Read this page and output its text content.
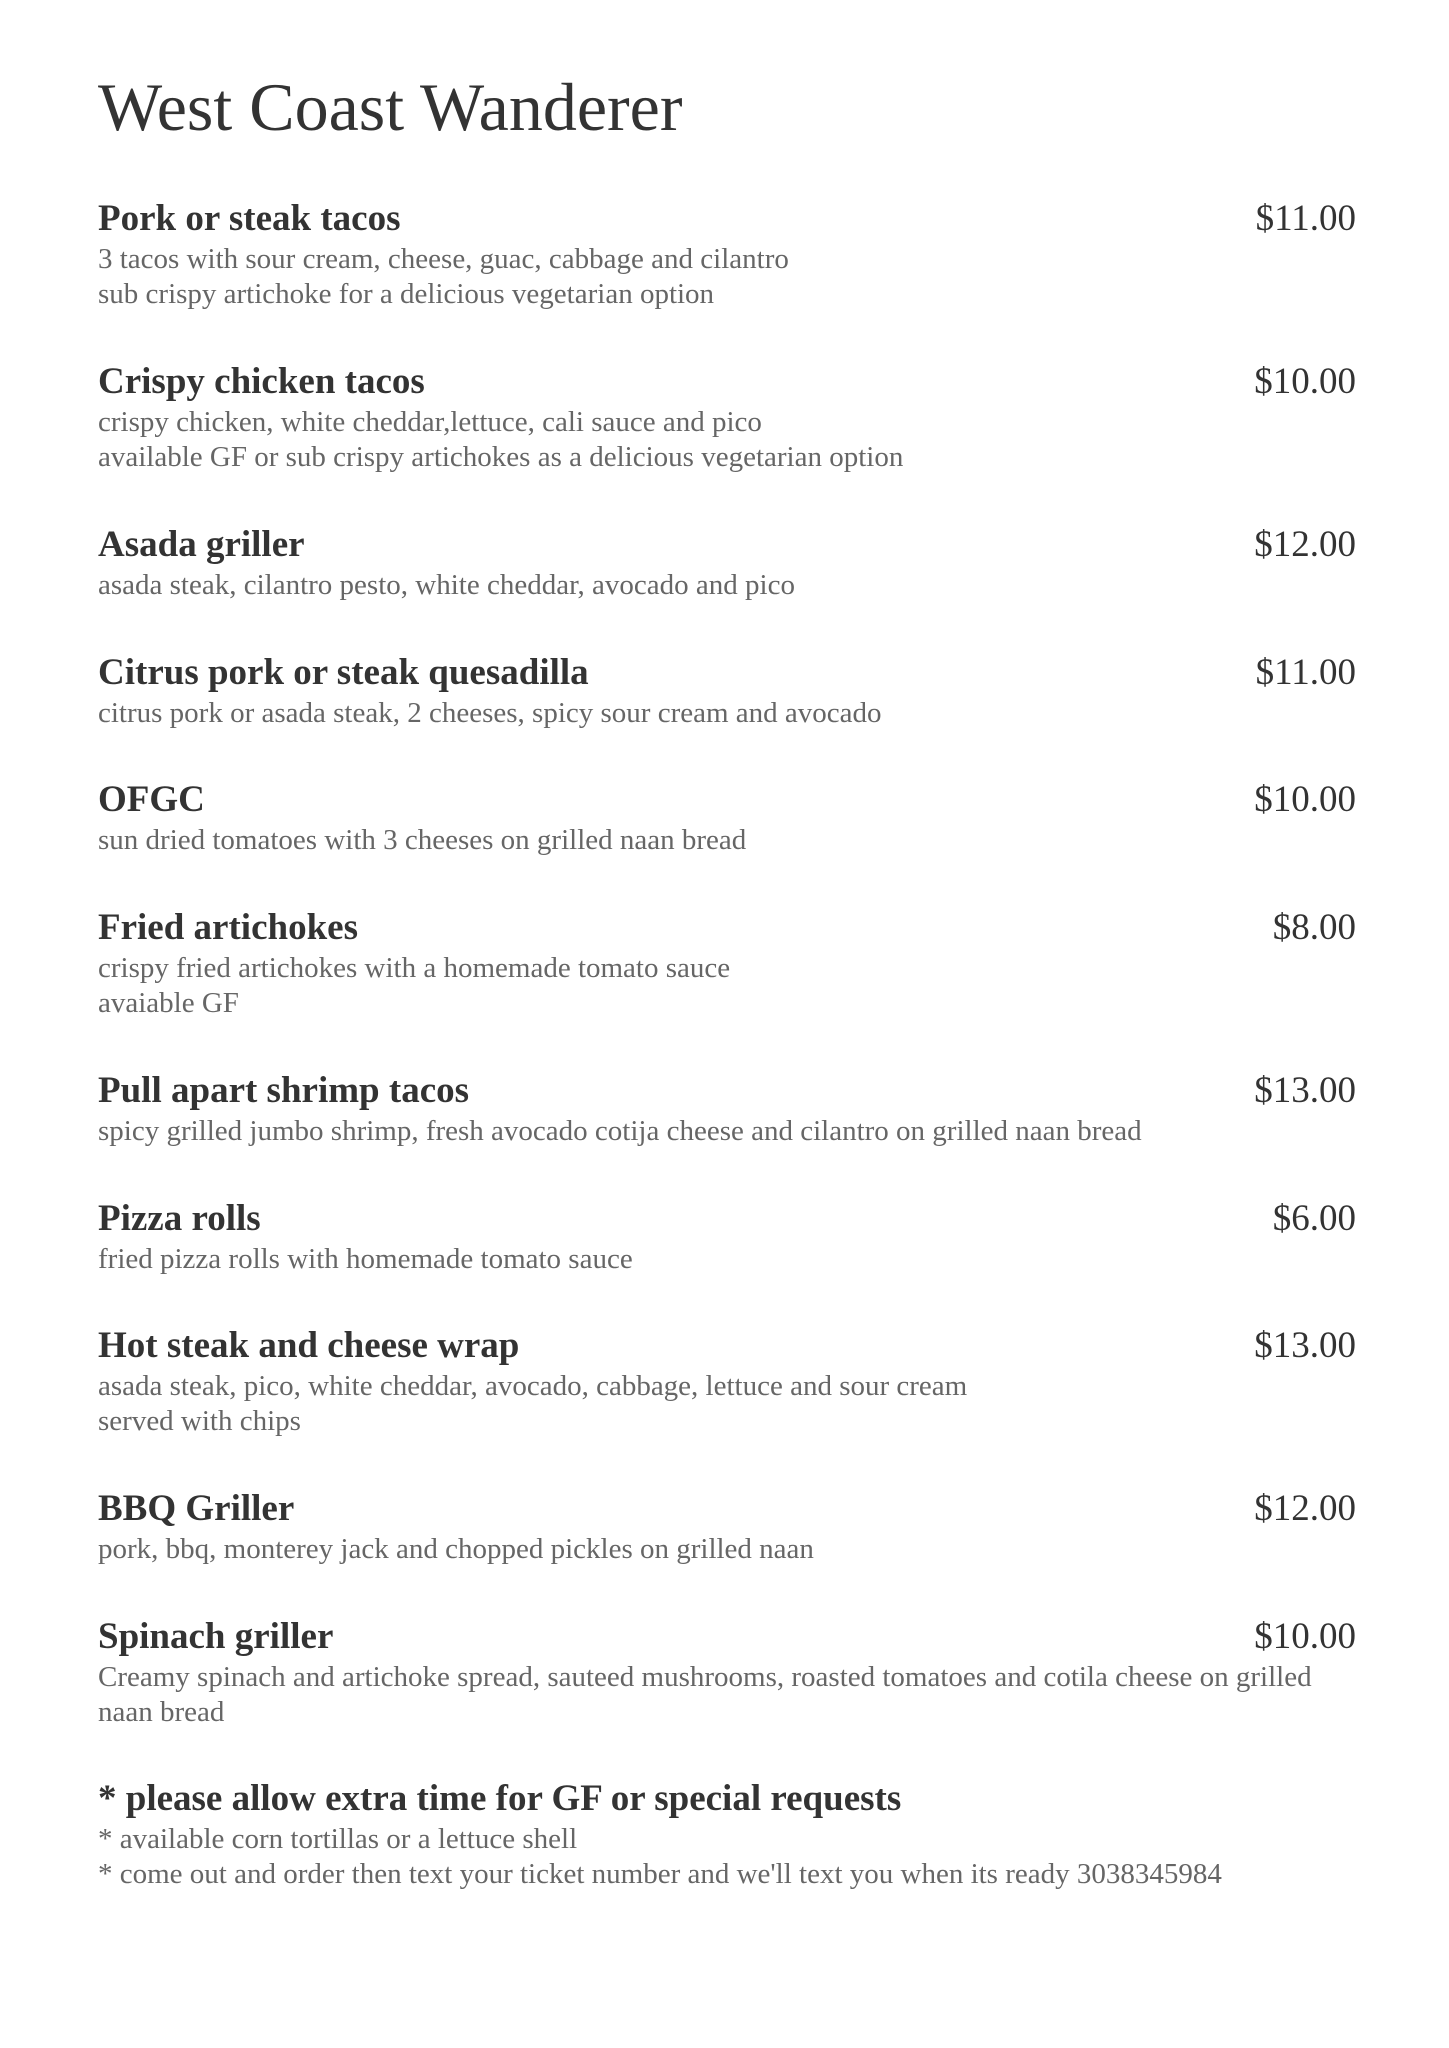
West Coast Wanderer
Pork or steak tacos	$11.00
3 tacos with sour cream, cheese, guac, cabbage and cilantro
sub crispy artichoke for a delicious vegetarian option
Crispy chicken tacos	$10.00
crispy chicken, white cheddar,lettuce, cali sauce and pico
available GF or sub crispy artichokes as a delicious vegetarian option
Asada griller	$12.00
asada steak, cilantro pesto, white cheddar, avocado and pico
Citrus pork or steak quesadilla	$11.00
citrus pork or asada steak, 2 cheeses, spicy sour cream and avocado
OFGC	$10.00
sun dried tomatoes with 3 cheeses on grilled naan bread
Fried artichokes	$8.00
crispy fried artichokes with a homemade tomato sauce
avaiable GF
Pull apart shrimp tacos	$13.00
spicy grilled jumbo shrimp, fresh avocado cotija cheese and cilantro on grilled naan bread
Pizza rolls	$6.00
fried pizza rolls with homemade tomato sauce
Hot steak and cheese wrap	$13.00
asada steak, pico, white cheddar, avocado, cabbage, lettuce and sour cream
served with chips
BBQ Griller	$12.00
pork, bbq, monterey jack and chopped pickles on grilled naan
Spinach griller	$10.00
Creamy spinach and artichoke spread, sauteed mushrooms, roasted tomatoes and cotila cheese on grilled naan bread
* please allow extra time for GF or special requests
* available corn tortillas or a lettuce shell
* come out and order then text your ticket number and we'll text you when its ready 3038345984
